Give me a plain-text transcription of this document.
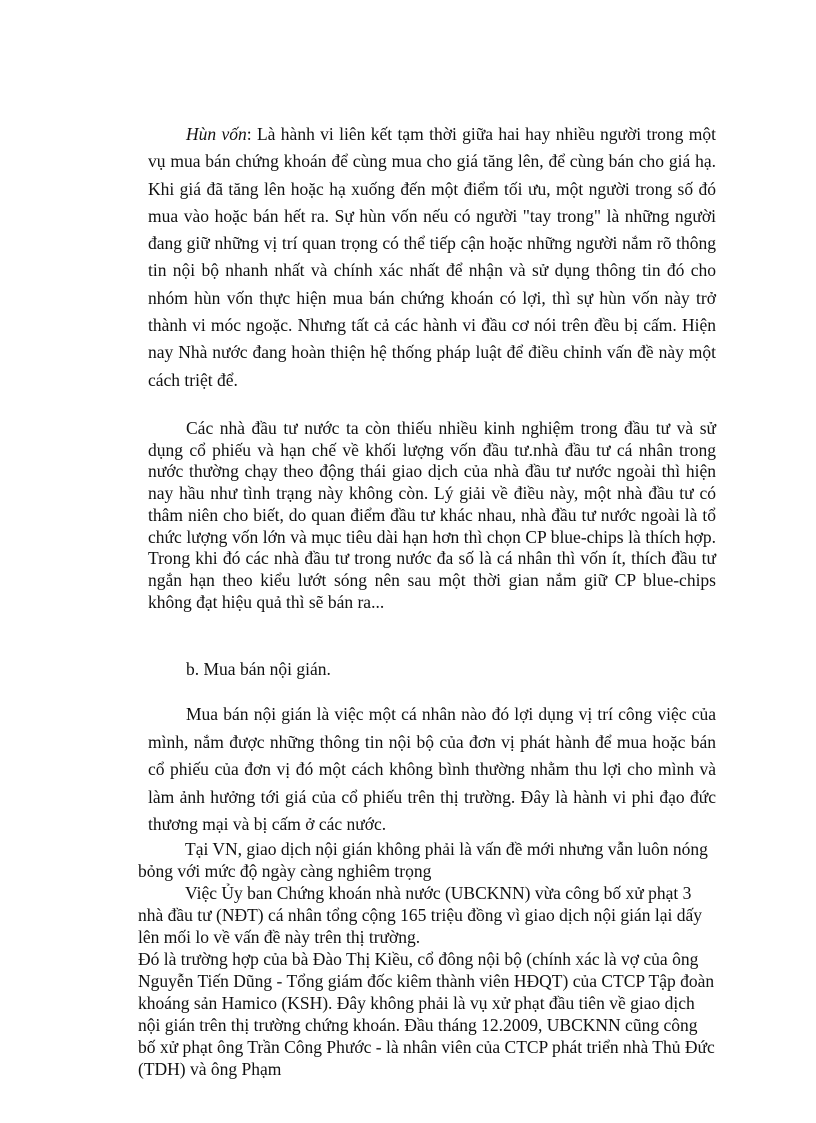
Hùn vốn: Là hành vi liên kết tạm thời giữa hai hay nhiều người trong một vụ mua bán chứng khoán để cùng mua cho giá tăng lên, để cùng bán cho giá hạ. Khi giá đã tăng lên hoặc hạ xuống đến một điểm tối ưu, một người trong số đó mua vào hoặc bán hết ra. Sự hùn vốn nếu có người "tay trong" là những người đang giữ những vị trí quan trọng có thể tiếp cận hoặc những người nắm rõ thông tin nội bộ nhanh nhất và chính xác nhất để nhận và sử dụng thông tin đó cho nhóm hùn vốn thực hiện mua bán chứng khoán có lợi, thì sự hùn vốn này trở thành vi móc ngoặc. Nhưng tất cả các hành vi đầu cơ nói trên đều bị cấm. Hiện nay Nhà nước đang hoàn thiện hệ thống pháp luật để điều chỉnh vấn đề này một cách triệt để.

Các nhà đầu tư nước ta còn thiếu nhiều kinh nghiệm trong đầu tư và sử dụng cổ phiếu và hạn chế về khối lượng vốn đầu tư.nhà đầu tư cá nhân trong nước thường chạy theo động thái giao dịch của nhà đầu tư nước ngoài thì hiện nay hầu như tình trạng này không còn. Lý giải về điều này, một nhà đầu tư có thâm niên cho biết, do quan điểm đầu tư khác nhau, nhà đầu tư nước ngoài là tổ chức lượng vốn lớn và mục tiêu dài hạn hơn thì chọn CP blue-chips là thích hợp. Trong khi đó các nhà đầu tư trong nước đa số là cá nhân thì vốn ít, thích đầu tư ngắn hạn theo kiểu lướt sóng nên sau một thời gian nắm giữ CP blue-chips không đạt hiệu quả thì sẽ bán ra...

b. Mua bán nội gián.

Mua bán nội gián là việc một cá nhân nào đó lợi dụng vị trí công việc của mình, nắm được những thông tin nội bộ của đơn vị phát hành để mua hoặc bán cổ phiếu của đơn vị đó một cách không bình thường nhằm thu lợi cho mình và làm ảnh hưởng tới giá của cổ phiếu trên thị trường. Đây là hành vi phi đạo đức thương mại và bị cấm ở các nước.

Tại VN, giao dịch nội gián không phải là vấn đề mới nhưng vẫn luôn nóng bỏng với mức độ ngày càng nghiêm trọng

Việc Ủy ban Chứng khoán nhà nước (UBCKNN) vừa công bố xử phạt 3 nhà đầu tư (NĐT) cá nhân tổng cộng 165 triệu đồng vì giao dịch nội gián lại dấy lên mối lo về vấn đề này trên thị trường.

Đó là trường hợp của bà Đào Thị Kiều, cổ đông nội bộ (chính xác là vợ của ông Nguyễn Tiến Dũng - Tổng giám đốc kiêm thành viên HĐQT) của CTCP Tập đoàn khoáng sản Hamico (KSH). Đây không phải là vụ xử phạt đầu tiên về giao dịch nội gián trên thị trường chứng khoán. Đầu tháng 12.2009, UBCKNN cũng công bố xử phạt ông Trần Công Phước - là nhân viên của CTCP phát triển nhà Thủ Đức (TDH) và ông Phạm
